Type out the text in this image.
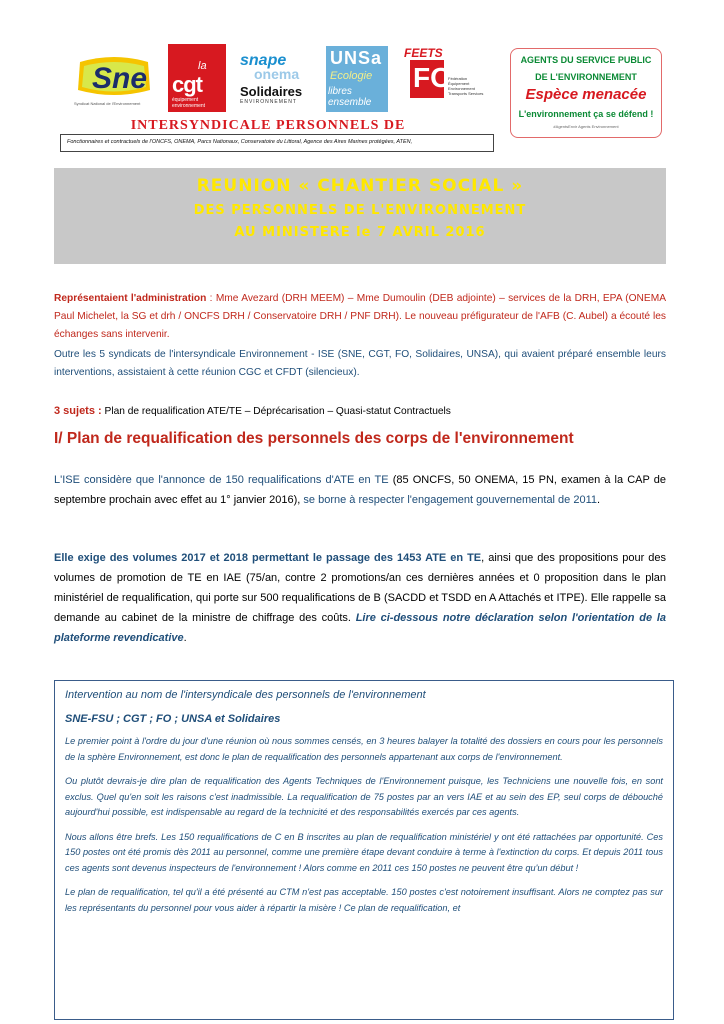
Sne
Syndicat National de l'Environnement
la
cgt
équipement environnement
snape
onema
Solidaires
ENVIRONNEMENT
UNSa
Ecologie
libres ensemble
FEETS
FO
Fédération Équipement Environnement Transports Services
AGENTS DU SERVICE PUBLIC
DE L'ENVIRONNEMENT
Espèce menacée
L'environnement ça se défend !
#AgentsEnvir Agents Environnement
INTERSYNDICALE PERSONNELS DE
Fonctionnaires et contractuels de l'ONCFS, ONEMA, Parcs Nationaux, Conservatoire du Littoral, Agence des Aires Marines protégées, ATEN,
REUNION « CHANTIER SOCIAL »
DES PERSONNELS DE L'ENVIRONNEMENT
AU MINISTERE le 7 AVRIL 2016

Représentaient l'administration : Mme Avezard (DRH MEEM) – Mme Dumoulin (DEB adjointe) – services de la DRH, EPA (ONEMA Paul Michelet, la SG et drh / ONCFS DRH / Conservatoire DRH / PNF DRH). Le nouveau préfigurateur de l'AFB (C. Aubel) a écouté les échanges sans intervenir.

Outre les 5 syndicats de l'intersyndicale Environnement - ISE (SNE, CGT, FO, Solidaires, UNSA), qui avaient préparé ensemble leurs interventions, assistaient à cette réunion CGC et CFDT (silencieux).

3 sujets : Plan de requalification ATE/TE – Déprécarisation – Quasi-statut Contractuels

I/ Plan de requalification des personnels des corps de l'environnement

L'ISE considère que l'annonce de 150 requalifications d'ATE en TE (85 ONCFS, 50 ONEMA, 15 PN, examen à la CAP de septembre prochain avec effet au 1° janvier 2016), se borne à respecter l'engagement gouvernemental de 2011.

Elle exige des volumes 2017 et 2018 permettant le passage des 1453 ATE en TE, ainsi que des propositions pour des volumes de promotion de TE en IAE (75/an, contre 2 promotions/an ces dernières années et 0 proposition dans le plan ministériel de requalification, qui porte sur 500 requalifications de B (SACDD et TSDD en A Attachés et ITPE). Elle rappelle sa demande au cabinet de la ministre de chiffrage des coûts. Lire ci-dessous notre déclaration selon l'orientation de la plateforme revendicative.

Intervention au nom de l'intersyndicale des personnels de l'environnement
SNE-FSU ; CGT ; FO ; UNSA et Solidaires

Le premier point à l'ordre du jour d'une réunion où nous sommes censés, en 3 heures balayer la totalité des dossiers en cours pour les personnels de la sphère Environnement, est donc le plan de requalification des personnels appartenant aux corps de l'environnement.

Ou plutôt devrais-je dire plan de requalification des Agents Techniques de l'Environnement puisque, les Techniciens une nouvelle fois, en sont exclus. Quel qu'en soit les raisons c'est inadmissible. La requalification de 75 postes par an vers IAE et au sein des EP, seul corps de débouché aujourd'hui possible, est indispensable au regard de la technicité et des responsabilités exercés par ces agents.

Nous allons être brefs. Les 150 requalifications de C en B inscrites au plan de requalification ministériel y ont été rattachées par opportunité. Ces 150 postes ont été promis dès 2011 au personnel, comme une première étape devant conduire à terme à l'extinction du corps. Et depuis 2011 tous ces agents sont devenus inspecteurs de l'environnement ! Alors comme en 2011 ces 150 postes ne peuvent être qu'un début !

Le plan de requalification, tel qu'il a été présenté au CTM n'est pas acceptable. 150 postes c'est notoirement insuffisant. Alors ne comptez pas sur les représentants du personnel pour vous aider à répartir la misère ! Ce plan de requalification, et
